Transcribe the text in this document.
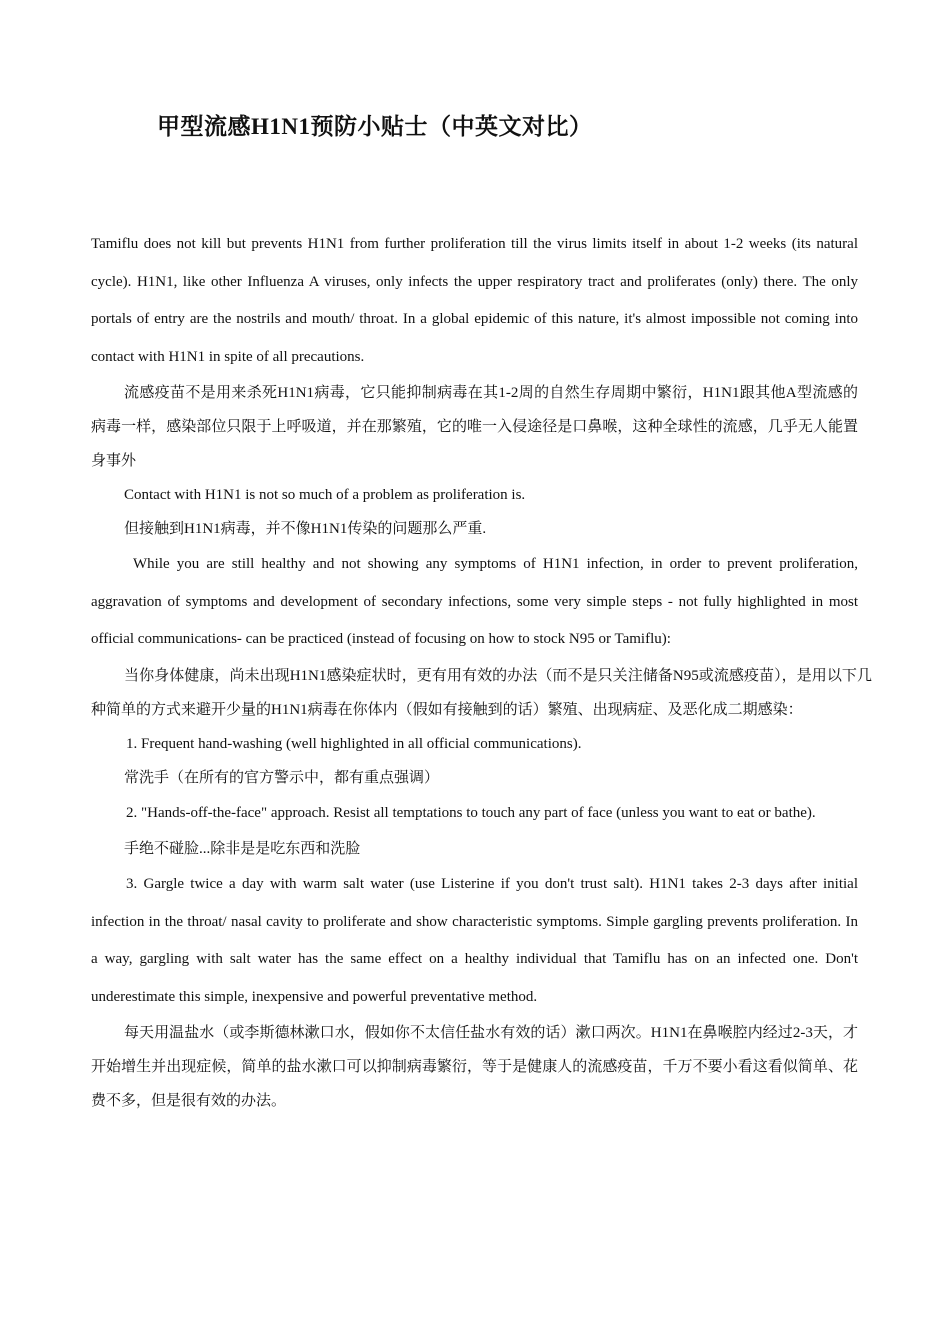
甲型流感H1N1预防小贴士（中英文对比）

Tamiflu does not kill but prevents H1N1 from further proliferation till the virus limits itself in about 1-2 weeks (its natural cycle). H1N1, like other Influenza A viruses, only infects the upper respiratory tract and proliferates (only) there. The only portals of entry are the nostrils and mouth/ throat. In a global epidemic of this nature, it's almost impossible not coming into contact with H1N1 in spite of all precautions.

流感疫苗不是用来杀死H1N1病毒，它只能抑制病毒在其1-2周的自然生存周期中繁衍，H1N1跟其他A型流感的病毒一样，感染部位只限于上呼吸道，并在那繁殖，它的唯一入侵途径是口鼻喉，这种全球性的流感，几乎无人能置身事外

Contact with H1N1 is not so much of a problem as proliferation is.

但接触到H1N1病毒，并不像H1N1传染的问题那么严重.

While you are still healthy and not showing any symptoms of H1N1 infection, in order to prevent proliferation, aggravation of symptoms and development of secondary infections, some very simple steps - not fully highlighted in most official communications- can be practiced (instead of focusing on how to stock N95 or Tamiflu):

当你身体健康，尚未出现H1N1感染症状时，更有用有效的办法（而不是只关注储备N95或流感疫苗），是用以下几种简单的方式来避开少量的H1N1病毒在你体内（假如有接触到的话）繁殖、出现病症、及恶化成二期感染：

1. Frequent hand-washing (well highlighted in all official communications).

常洗手（在所有的官方警示中，都有重点强调）

2. "Hands-off-the-face" approach. Resist all temptations to touch any part of face (unless you want to eat or bathe).

手绝不碰脸...除非是是吃东西和洗脸

3. Gargle twice a day with warm salt water (use Listerine if you don't trust salt). H1N1 takes 2-3 days after initial infection in the throat/ nasal cavity to proliferate and show characteristic symptoms. Simple gargling prevents proliferation. In a way, gargling with salt water has the same effect on a healthy individual that Tamiflu has on an infected one. Don't underestimate this simple, inexpensive and powerful preventative method.

每天用温盐水（或李斯德林漱口水，假如你不太信任盐水有效的话）漱口两次。H1N1在鼻喉腔内经过2-3天，才开始增生并出现症候，简单的盐水漱口可以抑制病毒繁衍，等于是健康人的流感疫苗，千万不要小看这看似简单、花费不多，但是很有效的办法。
